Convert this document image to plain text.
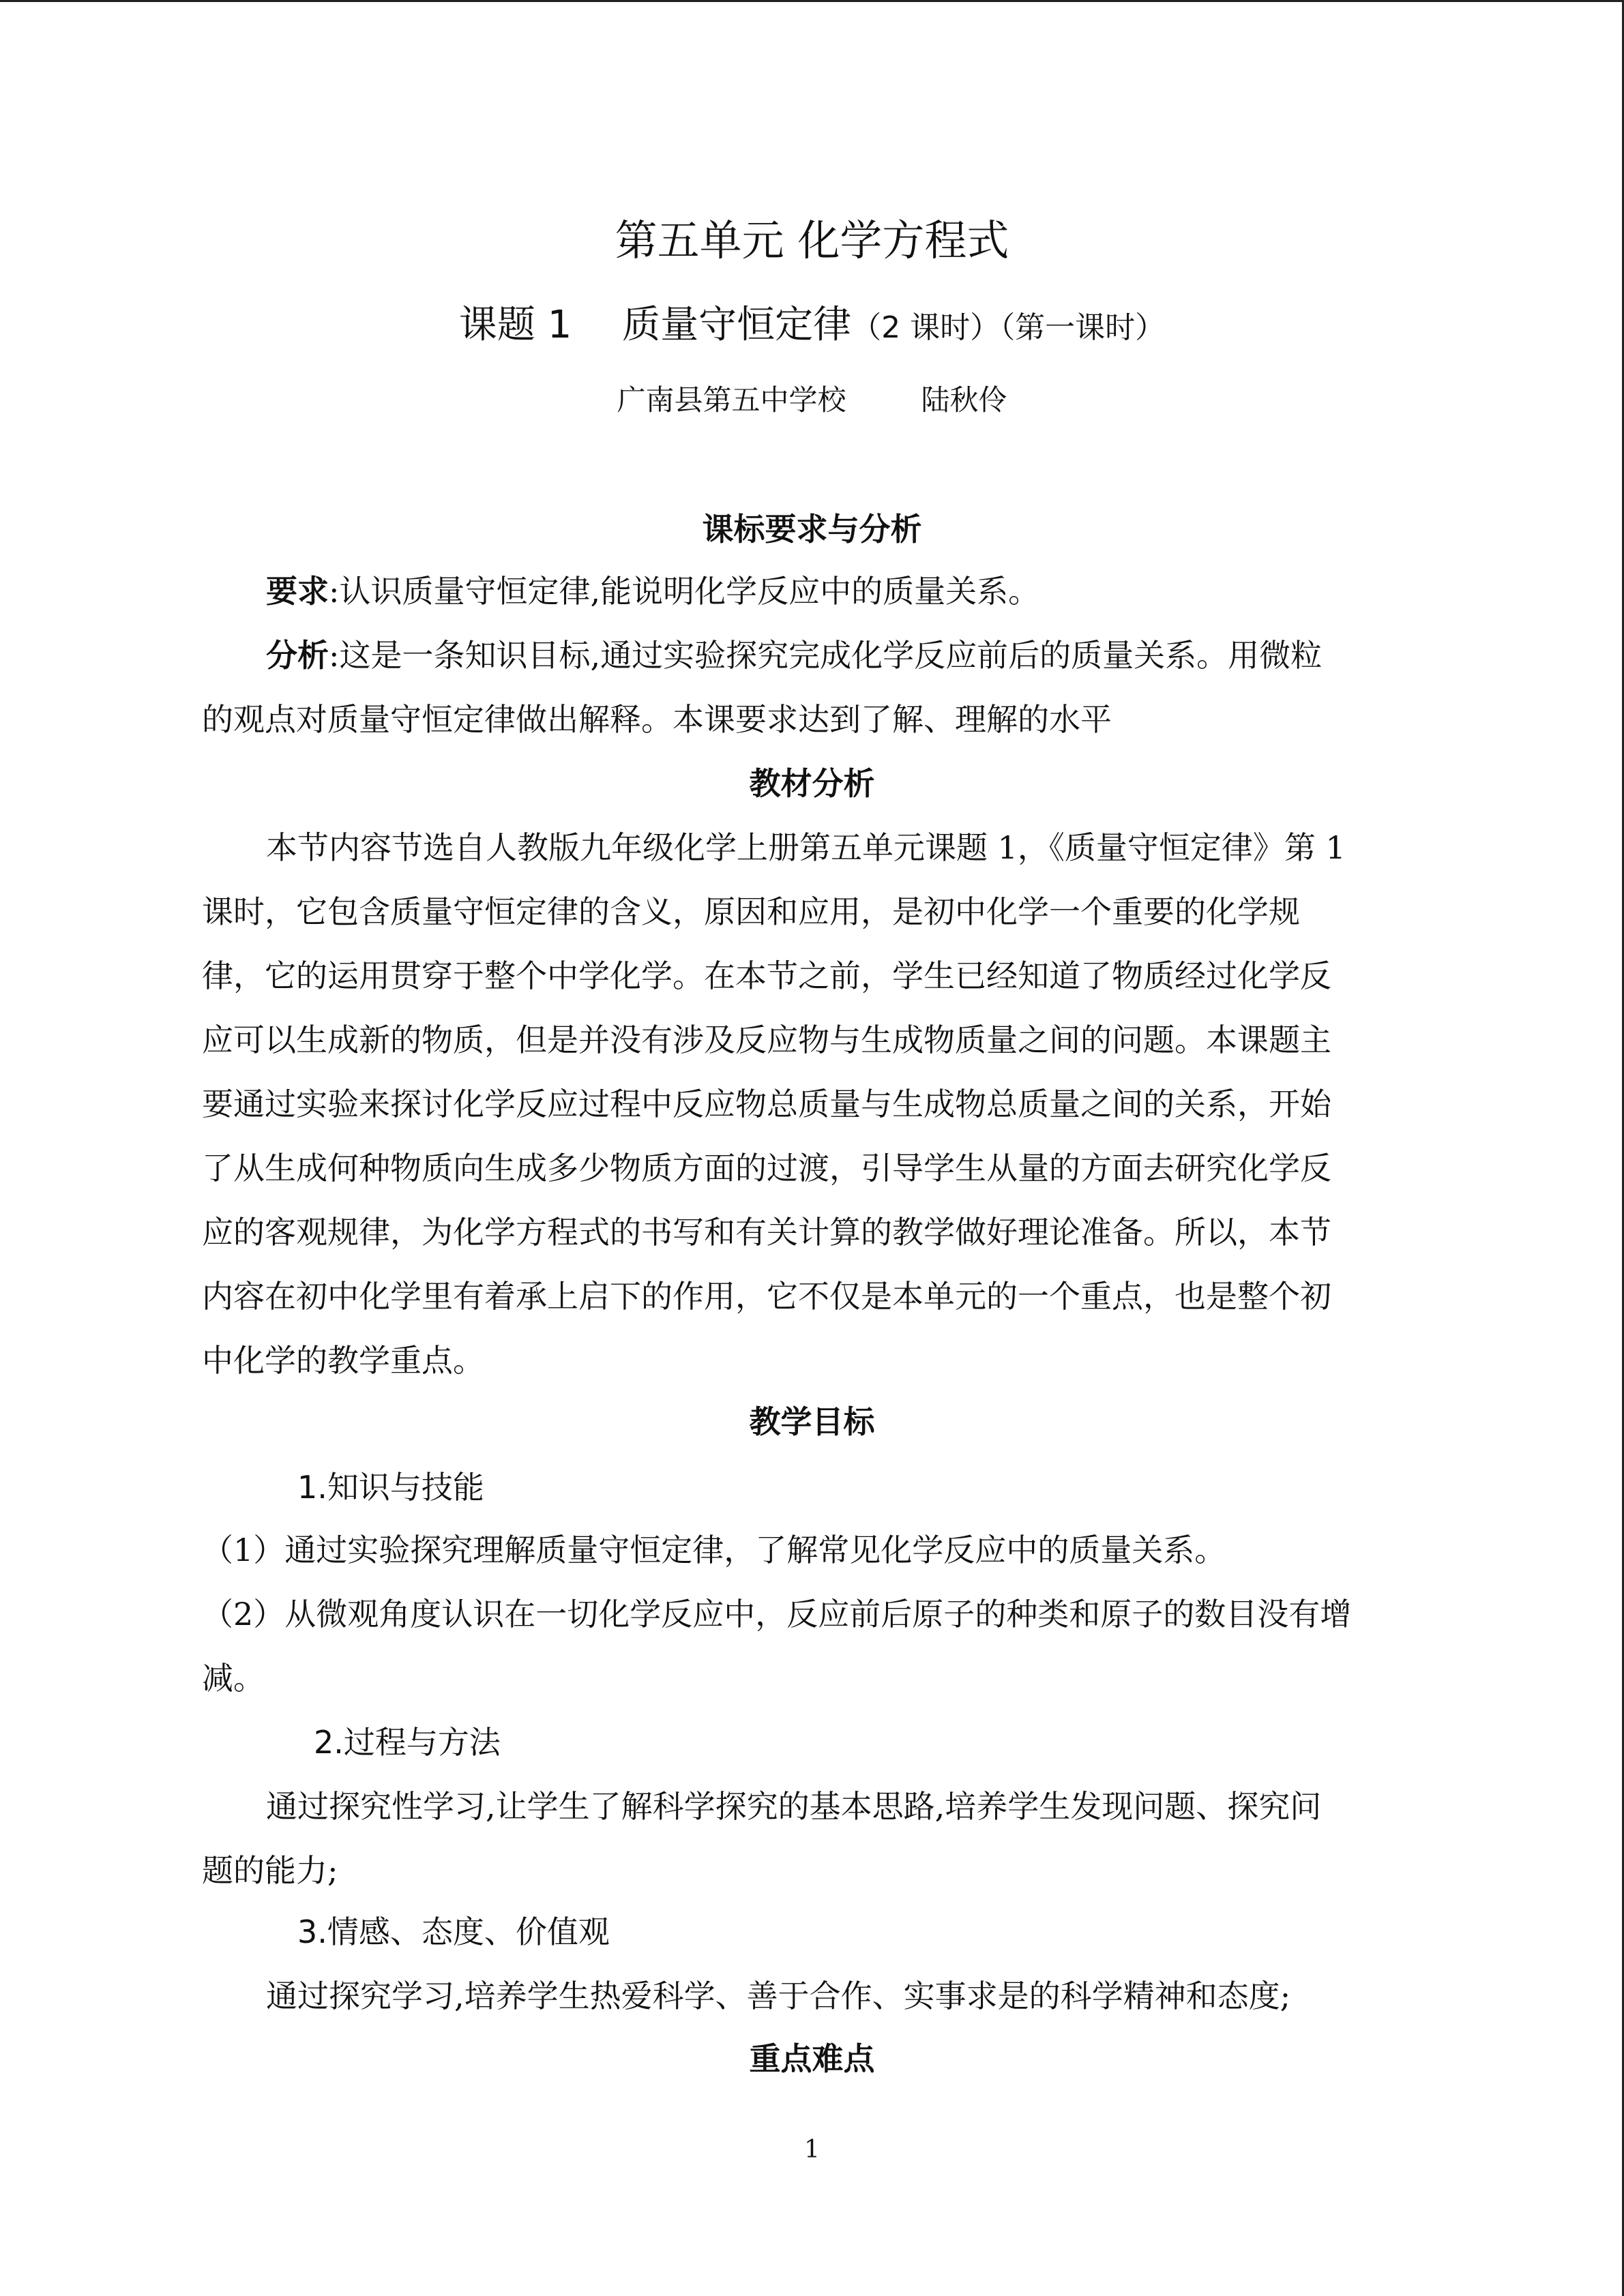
第五单元 化学方程式
课题 1　 质量守恒定律（2 课时）（第一课时）
广南县第五中学校	陆秋伶
课标要求与分析
要求:认识质量守恒定律,能说明化学反应中的质量关系。
分析:这是一条知识目标,通过实验探究完成化学反应前后的质量关系。用微粒
的观点对质量守恒定律做出解释。本课要求达到了解、理解的水平
教材分析
本节内容节选自人教版九年级化学上册第五单元课题 1，《质量守恒定律》第 1
课时，它包含质量守恒定律的含义，原因和应用，是初中化学一个重要的化学规
律，它的运用贯穿于整个中学化学。在本节之前，学生已经知道了物质经过化学反
应可以生成新的物质，但是并没有涉及反应物与生成物质量之间的问题。本课题主
要通过实验来探讨化学反应过程中反应物总质量与生成物总质量之间的关系，开始
了从生成何种物质向生成多少物质方面的过渡，引导学生从量的方面去研究化学反
应的客观规律，为化学方程式的书写和有关计算的教学做好理论准备。所以，本节
内容在初中化学里有着承上启下的作用，它不仅是本单元的一个重点，也是整个初
中化学的教学重点。
教学目标
1.知识与技能
（1）通过实验探究理解质量守恒定律，了解常见化学反应中的质量关系。
（2）从微观角度认识在一切化学反应中，反应前后原子的种类和原子的数目没有增
减。
2.过程与方法
通过探究性学习,让学生了解科学探究的基本思路,培养学生发现问题、探究问
题的能力;
3.情感、态度、价值观
通过探究学习,培养学生热爱科学、善于合作、实事求是的科学精神和态度;
重点难点
1
